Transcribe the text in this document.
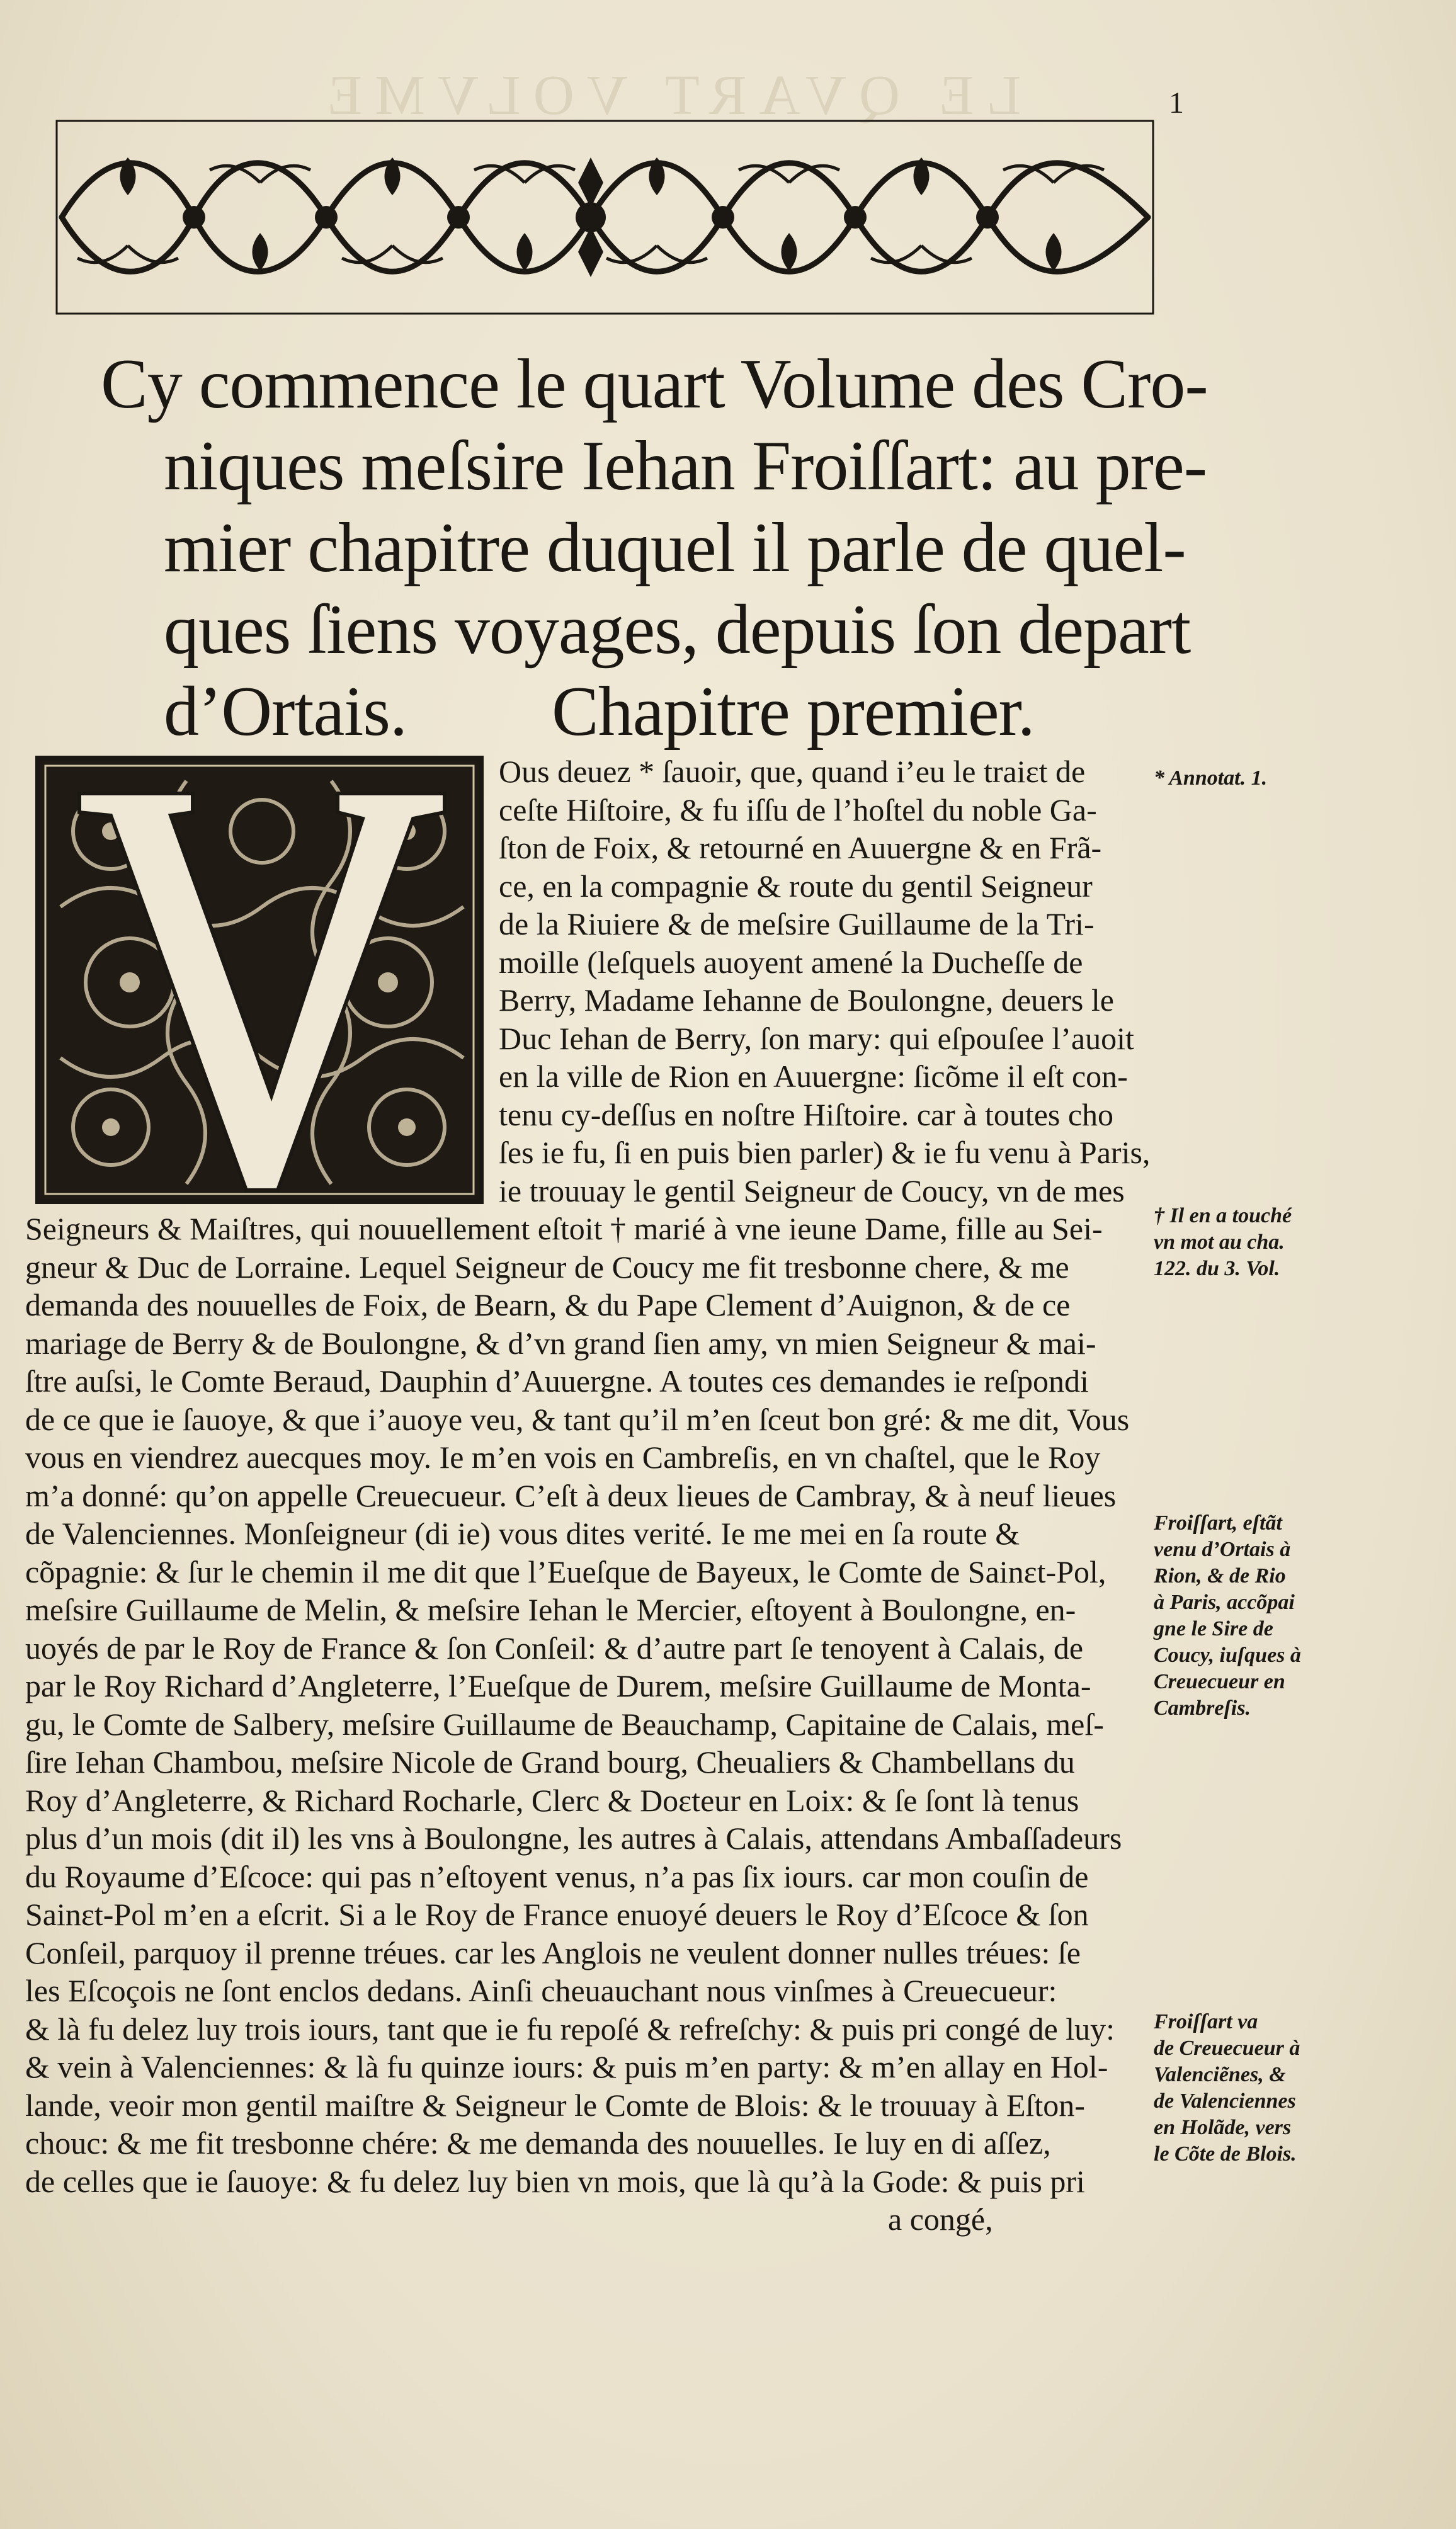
1
LE QVART VOLVME
Cy commence le quart Volume des Cro-
niques meſsire Iehan Froiſſart: au pre-
mier chapitre duquel il parle de quel-
ques ſiens voyages, depuis ſon depart
d’Ortais. Chapitre premier.
Ous deuez * ſauoir, que, quand i’eu le traiɛt de
ceſte Hiſtoire, & fu iſſu de l’hoſtel du noble Ga-
ſton de Foix, & retourné en Auuergne & en Frã-
ce, en la compagnie & route du gentil Seigneur
de la Riuiere & de meſsire Guillaume de la Tri-
moille (leſquels auoyent amené la Ducheſſe de
Berry, Madame Iehanne de Boulongne, deuers le
Duc Iehan de Berry, ſon mary: qui eſpouſee l’auoit
en la ville de Rion en Auuergne: ſicõme il eſt con-
tenu cy-deſſus en noſtre Hiſtoire. car à toutes cho
ſes ie fu, ſi en puis bien parler) & ie fu venu à Paris,
ie trouuay le gentil Seigneur de Coucy, vn de mes
Seigneurs & Maiſtres, qui nouuellement eſtoit † marié à vne ieune Dame, fille au Sei-
gneur & Duc de Lorraine. Lequel Seigneur de Coucy me fit tresbonne chere, & me
demanda des nouuelles de Foix, de Bearn, & du Pape Clement d’Auignon, & de ce
mariage de Berry & de Boulongne, & d’vn grand ſien amy, vn mien Seigneur & mai-
ſtre auſsi, le Comte Beraud, Dauphin d’Auuergne. A toutes ces demandes ie reſpondi
de ce que ie ſauoye, & que i’auoye veu, & tant qu’il m’en ſceut bon gré: & me dit, Vous
vous en viendrez auecques moy. Ie m’en vois en Cambreſis, en vn chaſtel, que le Roy
m’a donné: qu’on appelle Creuecueur. C’eſt à deux lieues de Cambray, & à neuf lieues
de Valenciennes. Monſeigneur (di ie) vous dites verité. Ie me mei en ſa route &
cõpagnie: & ſur le chemin il me dit que l’Eueſque de Bayeux, le Comte de Sainɛt-Pol,
meſsire Guillaume de Melin, & meſsire Iehan le Mercier, eſtoyent à Boulongne, en-
uoyés de par le Roy de France & ſon Conſeil: & d’autre part ſe tenoyent à Calais, de
par le Roy Richard d’Angleterre, l’Eueſque de Durem, meſsire Guillaume de Monta-
gu, le Comte de Salbery, meſsire Guillaume de Beauchamp, Capitaine de Calais, meſ-
ſire Iehan Chambou, meſsire Nicole de Grand bourg, Cheualiers & Chambellans du
Roy d’Angleterre, & Richard Rocharle, Clerc & Doɛteur en Loix: & ſe ſont là tenus
plus d’un mois (dit il) les vns à Boulongne, les autres à Calais, attendans Ambaſſadeurs
du Royaume d’Eſcoce: qui pas n’eſtoyent venus, n’a pas ſix iours. car mon couſin de
Sainɛt-Pol m’en a eſcrit. Si a le Roy de France enuoyé deuers le Roy d’Eſcoce & ſon
Conſeil, parquoy il prenne tréues. car les Anglois ne veulent donner nulles tréues: ſe
les Eſcoçois ne ſont enclos dedans. Ainſi cheuauchant nous vinſmes à Creuecueur:
& là fu delez luy trois iours, tant que ie fu repoſé & refreſchy: & puis pri congé de luy:
& vein à Valenciennes: & là fu quinze iours: & puis m’en party: & m’en allay en Hol-
lande, veoir mon gentil maiſtre & Seigneur le Comte de Blois: & le trouuay à Eſton-
chouc: & me fit tresbonne chére: & me demanda des nouuelles. Ie luy en di aſſez,
de celles que ie ſauoye: & fu delez luy bien vn mois, que là qu’à la Gode: & puis pri
a congé,
* Annotat. 1.
† Il en a touché
vn mot au cha.
122. du 3. Vol.
Froiſſart, eſtãt
venu d’Ortais à
Rion, & de Rio
à Paris, accõpai
gne le Sire de
Coucy, iuſques à
Creuecueur en
Cambreſis.
Froiſſart va
de Creuecueur à
Valenciẽnes, &
de Valenciennes
en Holãde, vers
le Cõte de Blois.
